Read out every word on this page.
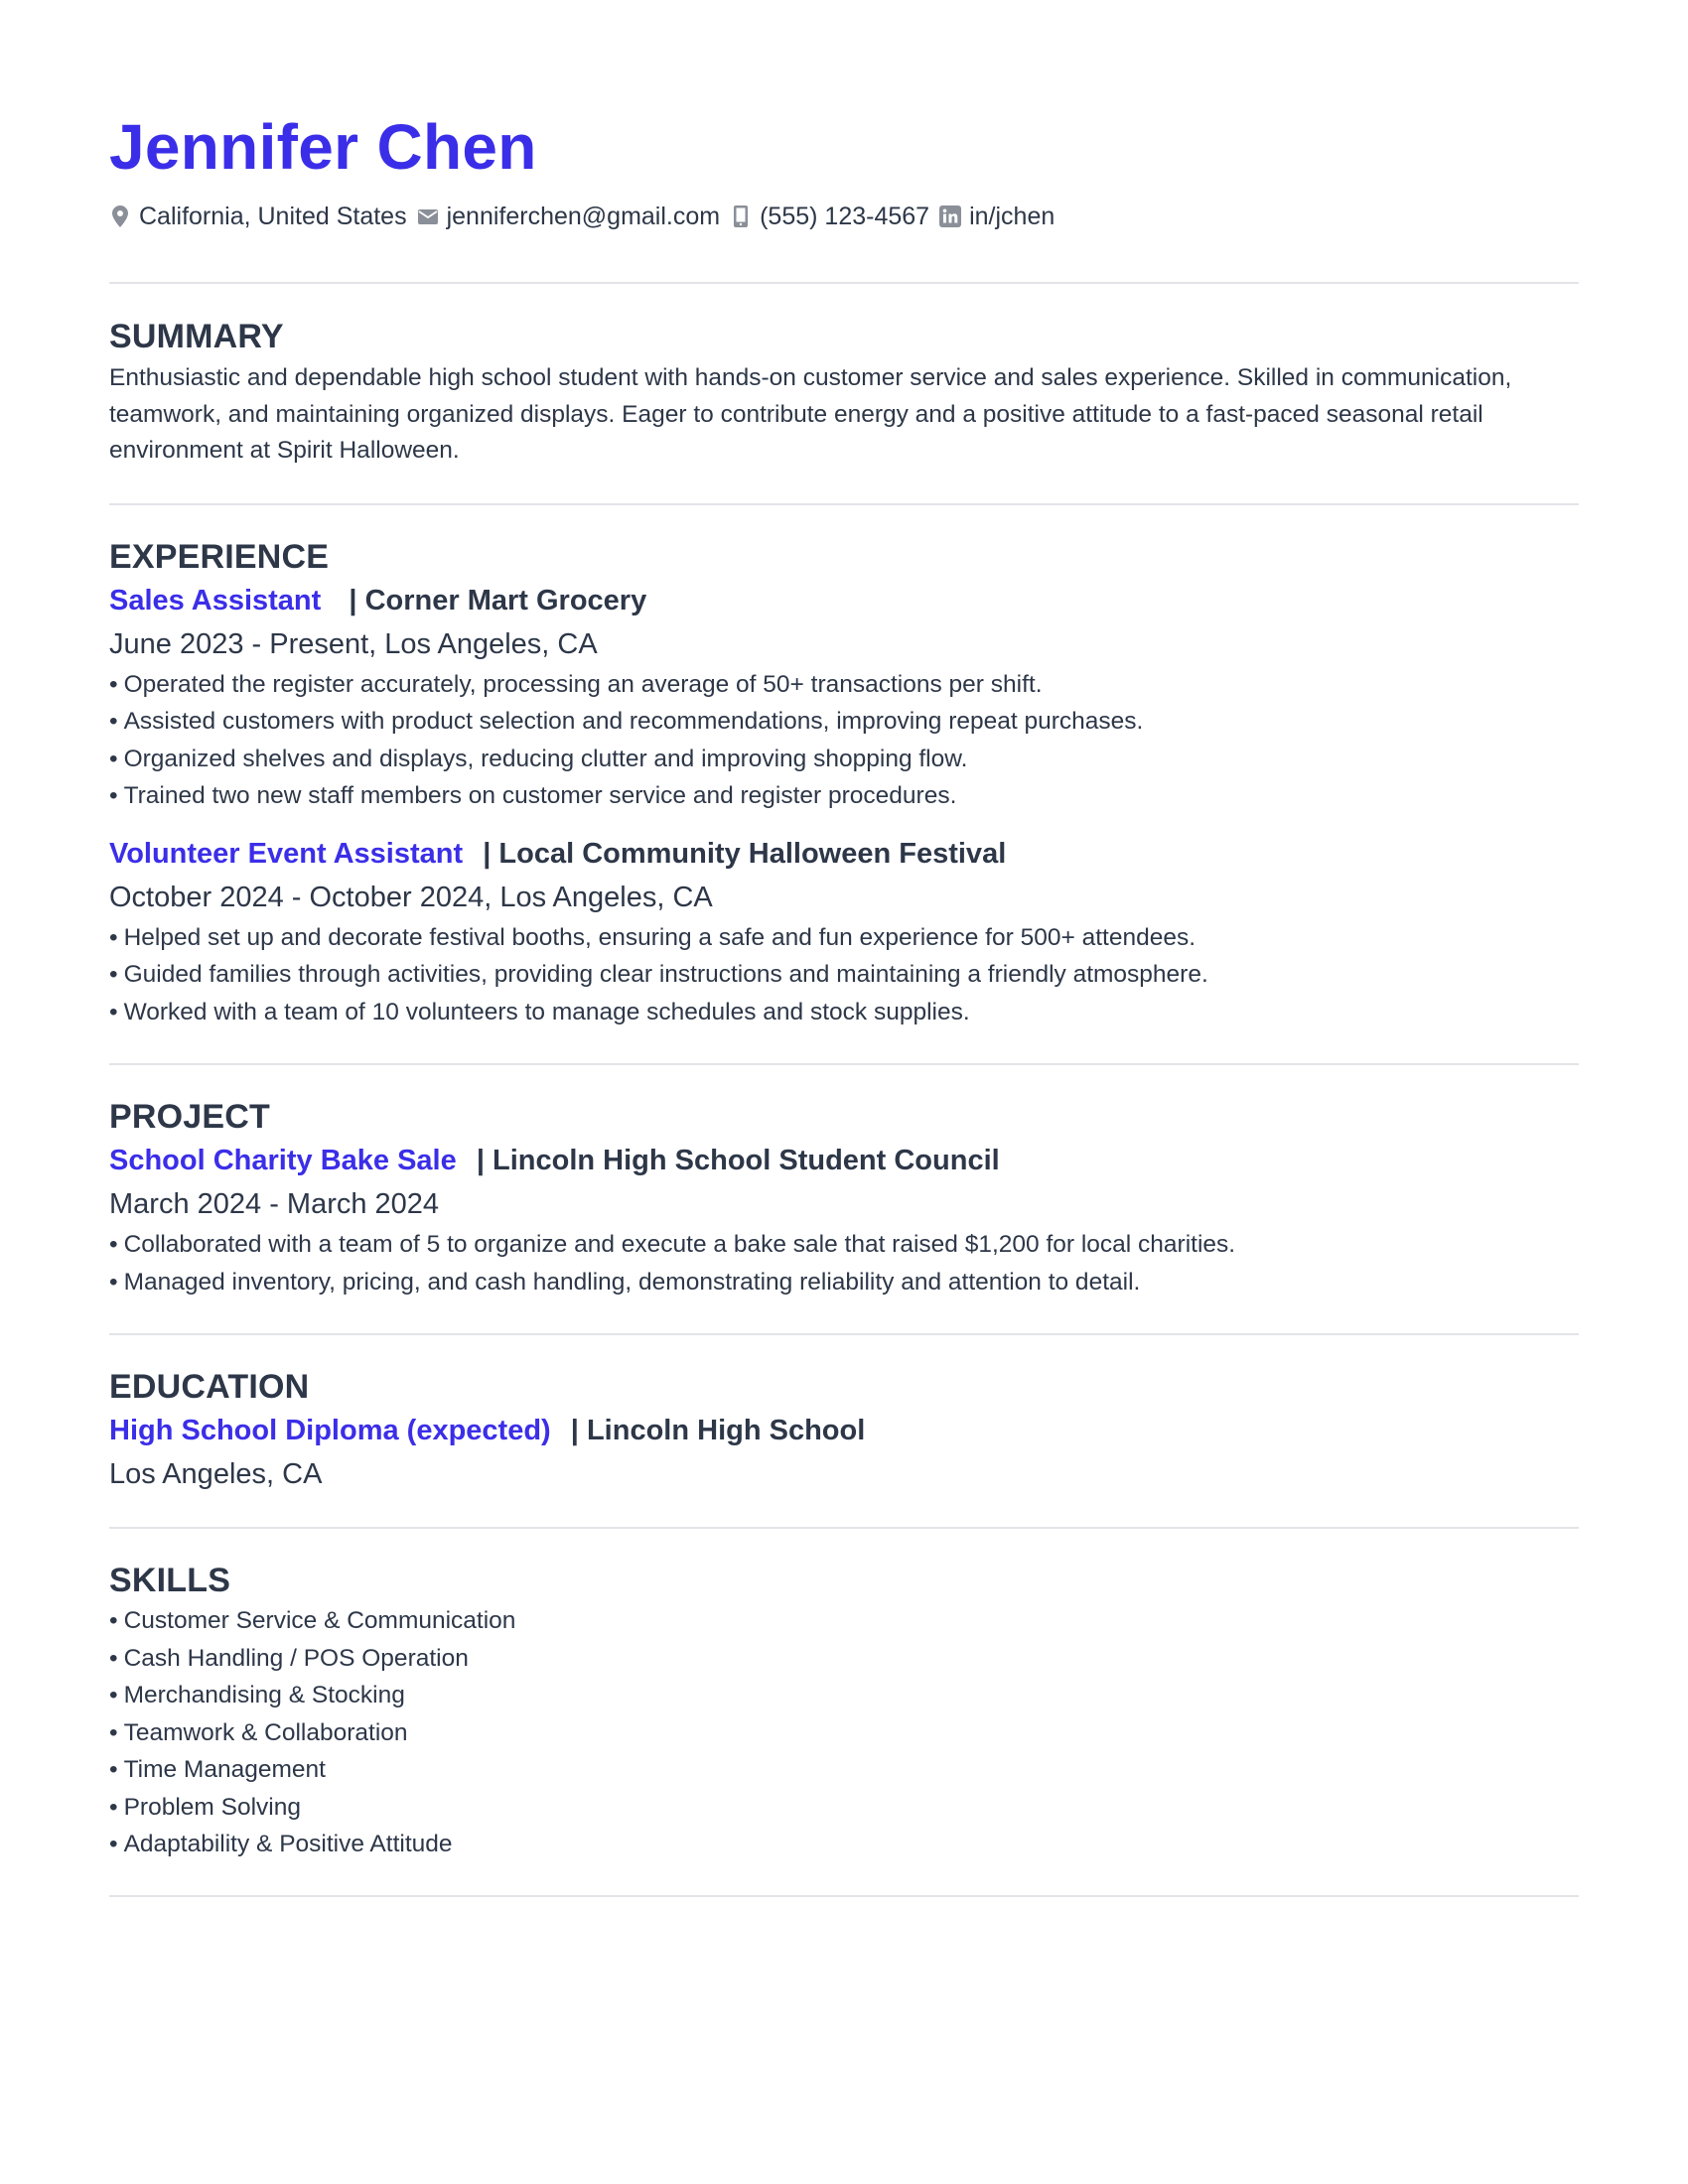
Jennifer Chen
California, United States jenniferchen@gmail.com (555) 123-4567 in/jchen
SUMMARY
Enthusiastic and dependable high school student with hands-on customer service and sales experience. Skilled in communication, teamwork, and maintaining organized displays. Eager to contribute energy and a positive attitude to a fast-paced seasonal retail environment at Spirit Halloween.
EXPERIENCE
Sales Assistant | Corner Mart Grocery
June 2023 - Present, Los Angeles, CA
• Operated the register accurately, processing an average of 50+ transactions per shift.
• Assisted customers with product selection and recommendations, improving repeat purchases.
• Organized shelves and displays, reducing clutter and improving shopping flow.
• Trained two new staff members on customer service and register procedures.
Volunteer Event Assistant | Local Community Halloween Festival
October 2024 - October 2024, Los Angeles, CA
• Helped set up and decorate festival booths, ensuring a safe and fun experience for 500+ attendees.
• Guided families through activities, providing clear instructions and maintaining a friendly atmosphere.
• Worked with a team of 10 volunteers to manage schedules and stock supplies.
PROJECT
School Charity Bake Sale | Lincoln High School Student Council
March 2024 - March 2024
• Collaborated with a team of 5 to organize and execute a bake sale that raised $1,200 for local charities.
• Managed inventory, pricing, and cash handling, demonstrating reliability and attention to detail.
EDUCATION
High School Diploma (expected) | Lincoln High School
Los Angeles, CA
SKILLS
• Customer Service & Communication
• Cash Handling / POS Operation
• Merchandising & Stocking
• Teamwork & Collaboration
• Time Management
• Problem Solving
• Adaptability & Positive Attitude
